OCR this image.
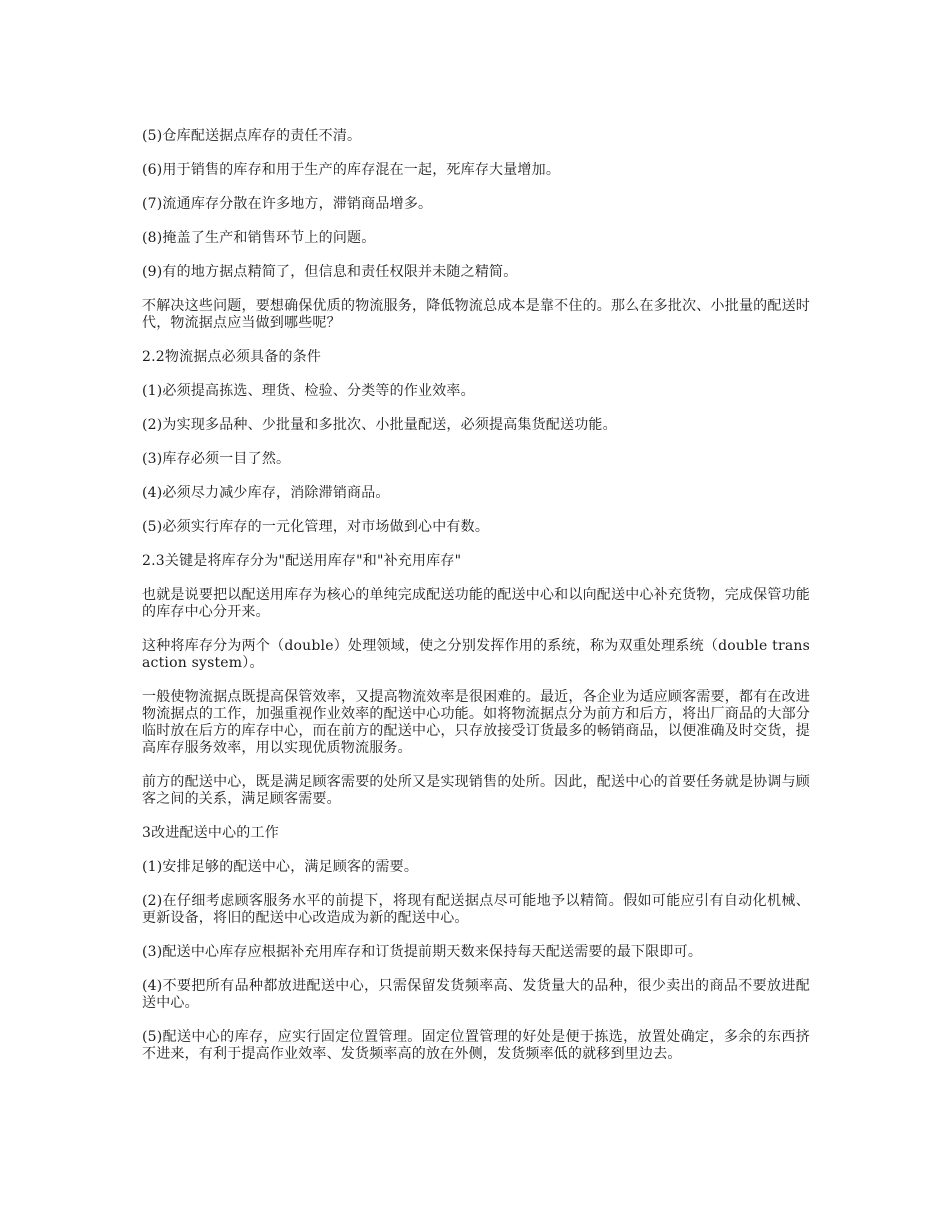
(5)仓库配送据点库存的责任不清。

(6)用于销售的库存和用于生产的库存混在一起，死库存大量增加。

(7)流通库存分散在许多地方，滞销商品增多。

(8)掩盖了生产和销售环节上的问题。

(9)有的地方据点精简了，但信息和责任权限并未随之精简。

不解决这些问题，要想确保优质的物流服务，降低物流总成本是靠不住的。那么在多批次、小批量的配送时代，物流据点应当做到哪些呢？

2.2物流据点必须具备的条件

(1)必须提高拣选、理货、检验、分类等的作业效率。

(2)为实现多品种、少批量和多批次、小批量配送，必须提高集货配送功能。

(3)库存必须一目了然。

(4)必须尽力减少库存，消除滞销商品。

(5)必须实行库存的一元化管理，对市场做到心中有数。

2.3关键是将库存分为"配送用库存"和"补充用库存"

也就是说要把以配送用库存为核心的单纯完成配送功能的配送中心和以向配送中心补充货物，完成保管功能的库存中心分开来。

这种将库存分为两个（double）处理领域，使之分别发挥作用的系统，称为双重处理系统（double transaction system）。

一般使物流据点既提高保管效率，又提高物流效率是很困难的。最近，各企业为适应顾客需要，都有在改进物流据点的工作，加强重视作业效率的配送中心功能。如将物流据点分为前方和后方，将出厂商品的大部分临时放在后方的库存中心，而在前方的配送中心，只存放接受订货最多的畅销商品，以便准确及时交货，提高库存服务效率，用以实现优质物流服务。

前方的配送中心，既是满足顾客需要的处所又是实现销售的处所。因此，配送中心的首要任务就是协调与顾客之间的关系，满足顾客需要。

3改进配送中心的工作

(1)安排足够的配送中心，满足顾客的需要。

(2)在仔细考虑顾客服务水平的前提下，将现有配送据点尽可能地予以精简。假如可能应引有自动化机械、更新设备，将旧的配送中心改造成为新的配送中心。

(3)配送中心库存应根据补充用库存和订货提前期天数来保持每天配送需要的最下限即可。

(4)不要把所有品种都放进配送中心，只需保留发货频率高、发货量大的品种，很少卖出的商品不要放进配送中心。

(5)配送中心的库存，应实行固定位置管理。固定位置管理的好处是便于拣选，放置处确定，多余的东西挤不进来，有利于提高作业效率、发货频率高的放在外侧，发货频率低的就移到里边去。
